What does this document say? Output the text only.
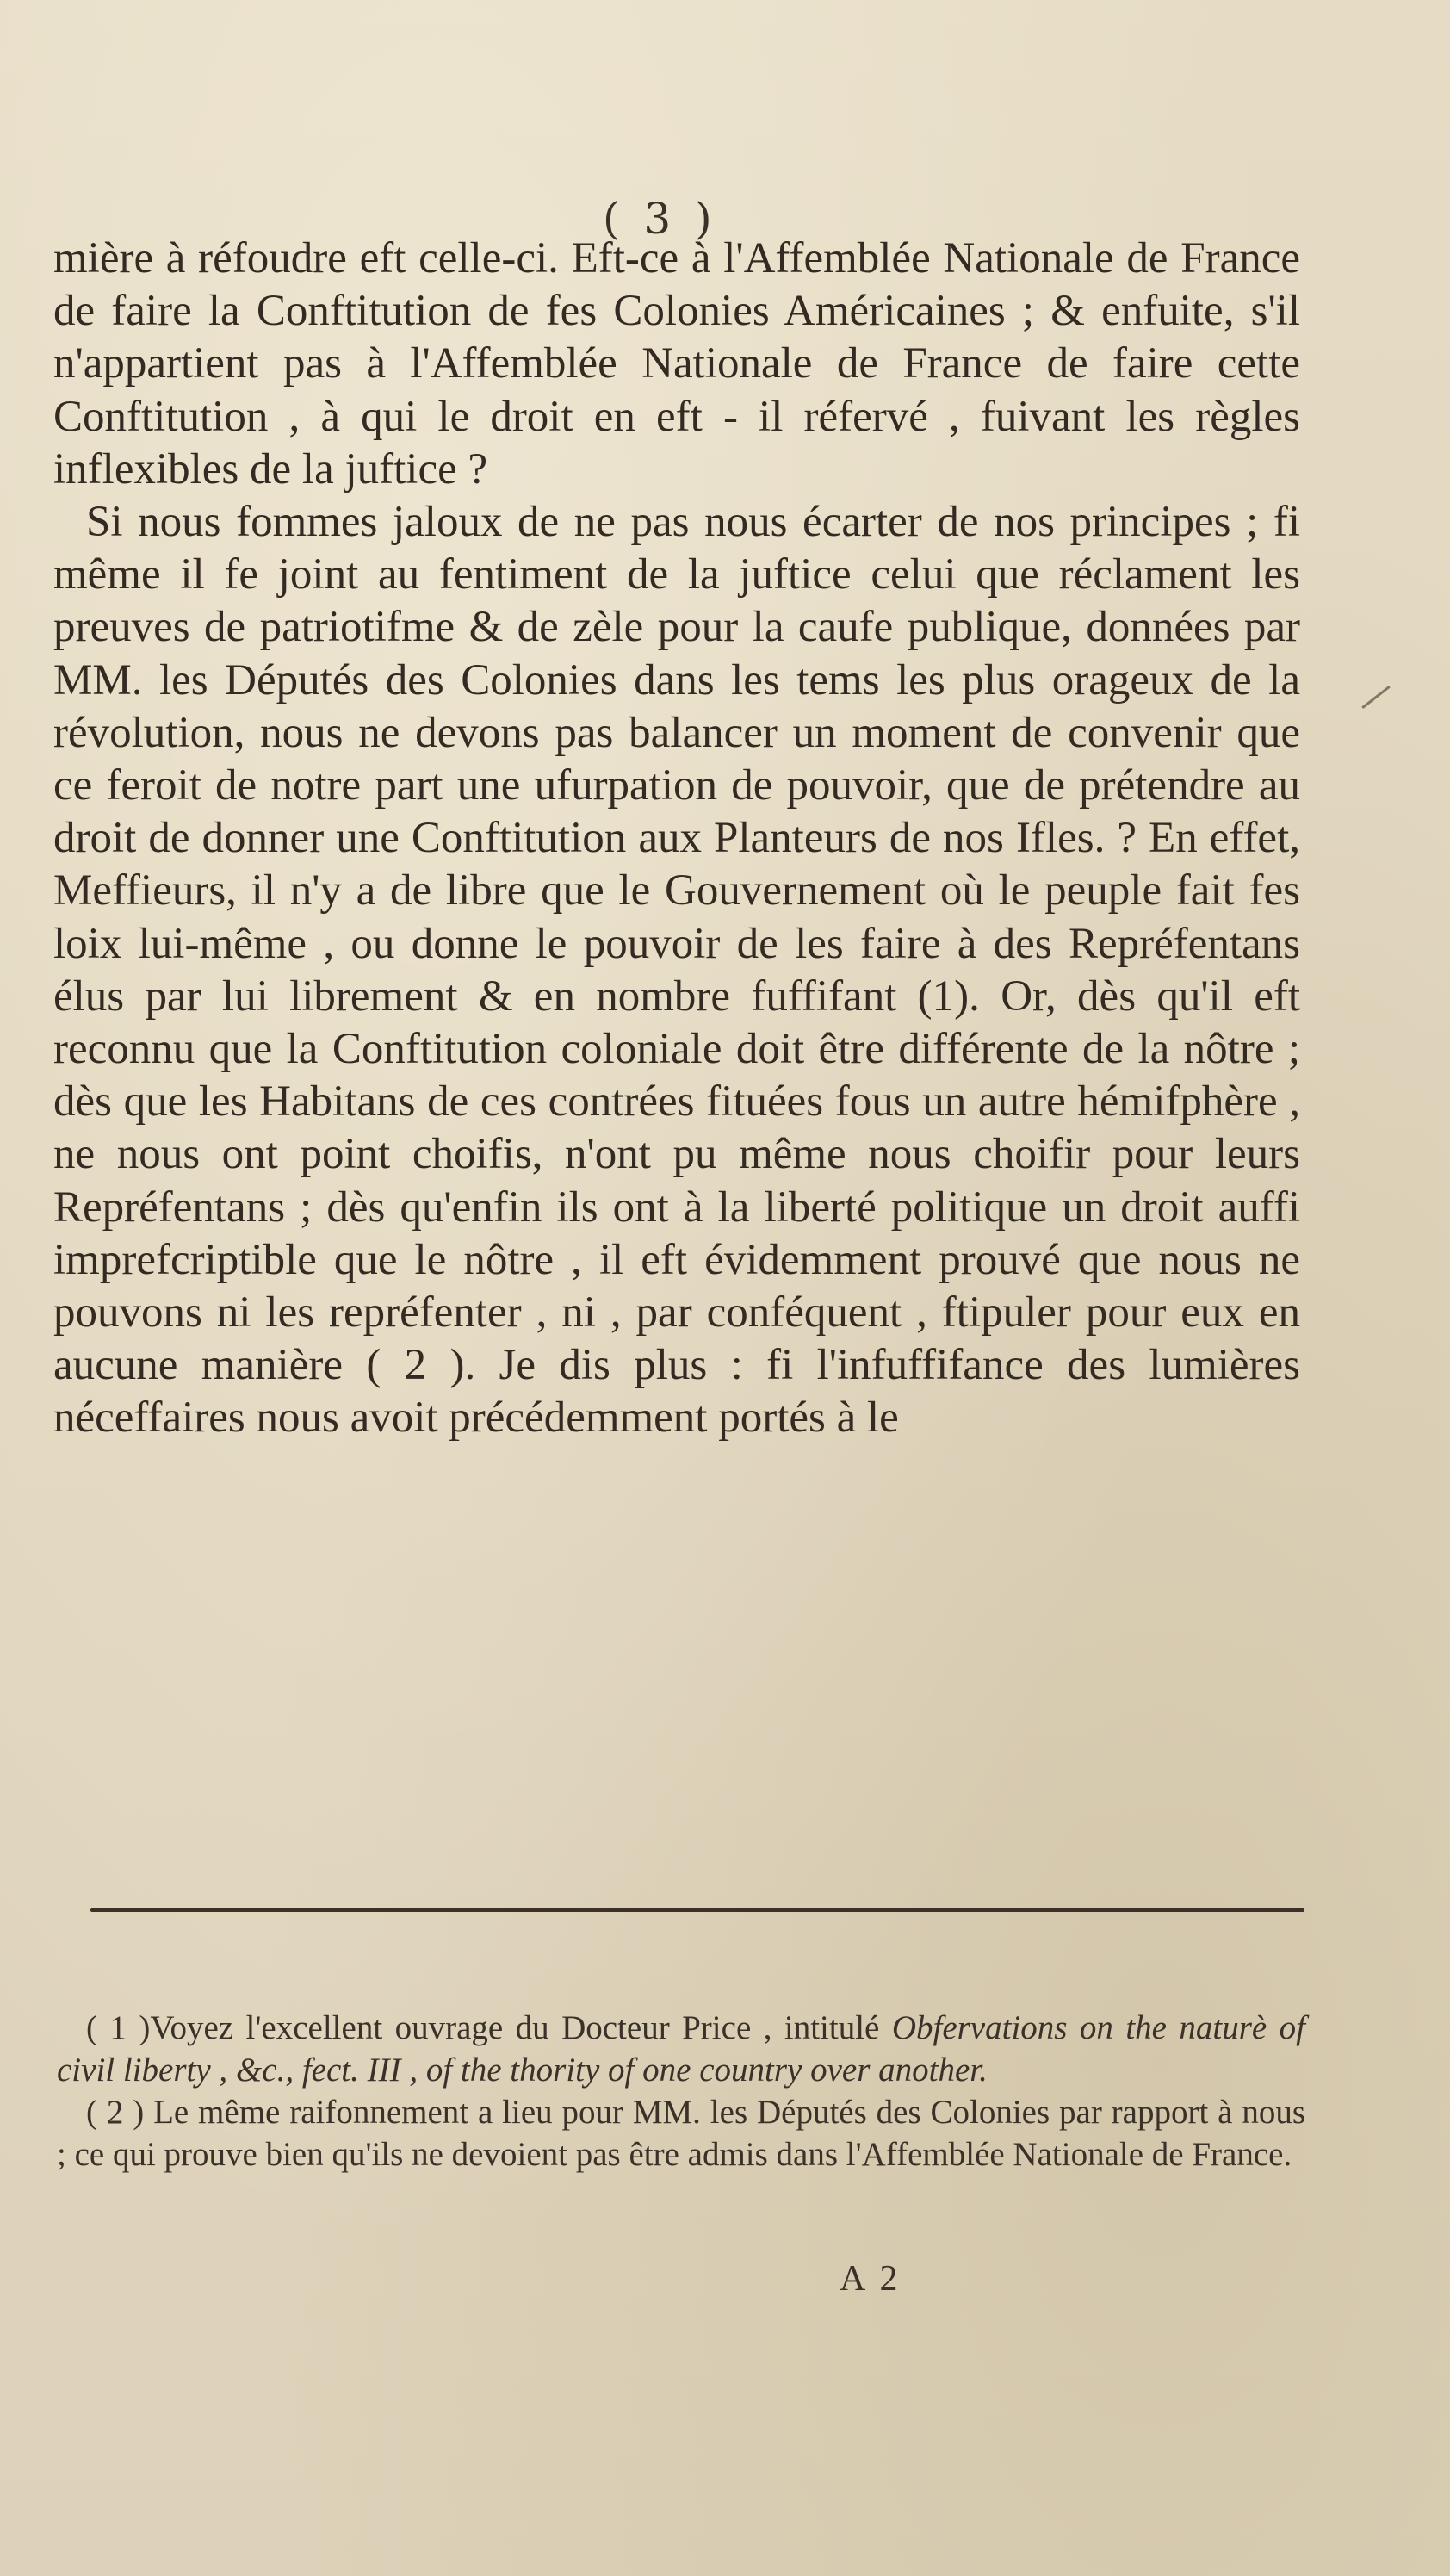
( 3 )

mière à réfoudre eft celle-ci. Eft-ce à l'Affemblée Nationale de France de faire la Conftitution de fes Colonies Américaines ; & enfuite, s'il n'appartient pas à l'Affemblée Nationale de France de faire cette Conftitution , à qui le droit en eft - il réfervé , fuivant les règles inflexibles de la juftice ?

Si nous fommes jaloux de ne pas nous écarter de nos principes ; fi même il fe joint au fentiment de la juftice celui que réclament les preuves de patriotifme & de zèle pour la caufe publique, données par MM. les Députés des Colonies dans les tems les plus orageux de la révolution, nous ne devons pas balancer un moment de convenir que ce feroit de notre part une ufurpation de pouvoir, que de prétendre au droit de donner une Conftitution aux Planteurs de nos Ifles. ? En effet, Meffieurs, il n'y a de libre que le Gouvernement où le peuple fait fes loix lui-même , ou donne le pouvoir de les faire à des Repréfentans élus par lui librement & en nombre fuffifant (1). Or, dès qu'il eft reconnu que la Conftitution coloniale doit être différente de la nôtre ; dès que les Habitans de ces contrées fituées fous un autre hémifphère , ne nous ont point choifis, n'ont pu même nous choifir pour leurs Repréfentans ; dès qu'enfin ils ont à la liberté politique un droit auffi imprefcriptible que le nôtre , il eft évidemment prouvé que nous ne pouvons ni les repréfenter , ni , par conféquent , ftipuler pour eux en aucune manière ( 2 ). Je dis plus : fi l'infuffifance des lumières néceffaires nous avoit précédemment portés à le

( 1 )Voyez l'excellent ouvrage du Docteur Price , intitulé Obfervations on the naturè of civil liberty , &c., fect. III , of the thority of one country over another.

( 2 ) Le même raifonnement a lieu pour MM. les Députés des Colonies par rapport à nous ; ce qui prouve bien qu'ils ne devoient pas être admis dans l'Affemblée Nationale de France.

A 2
